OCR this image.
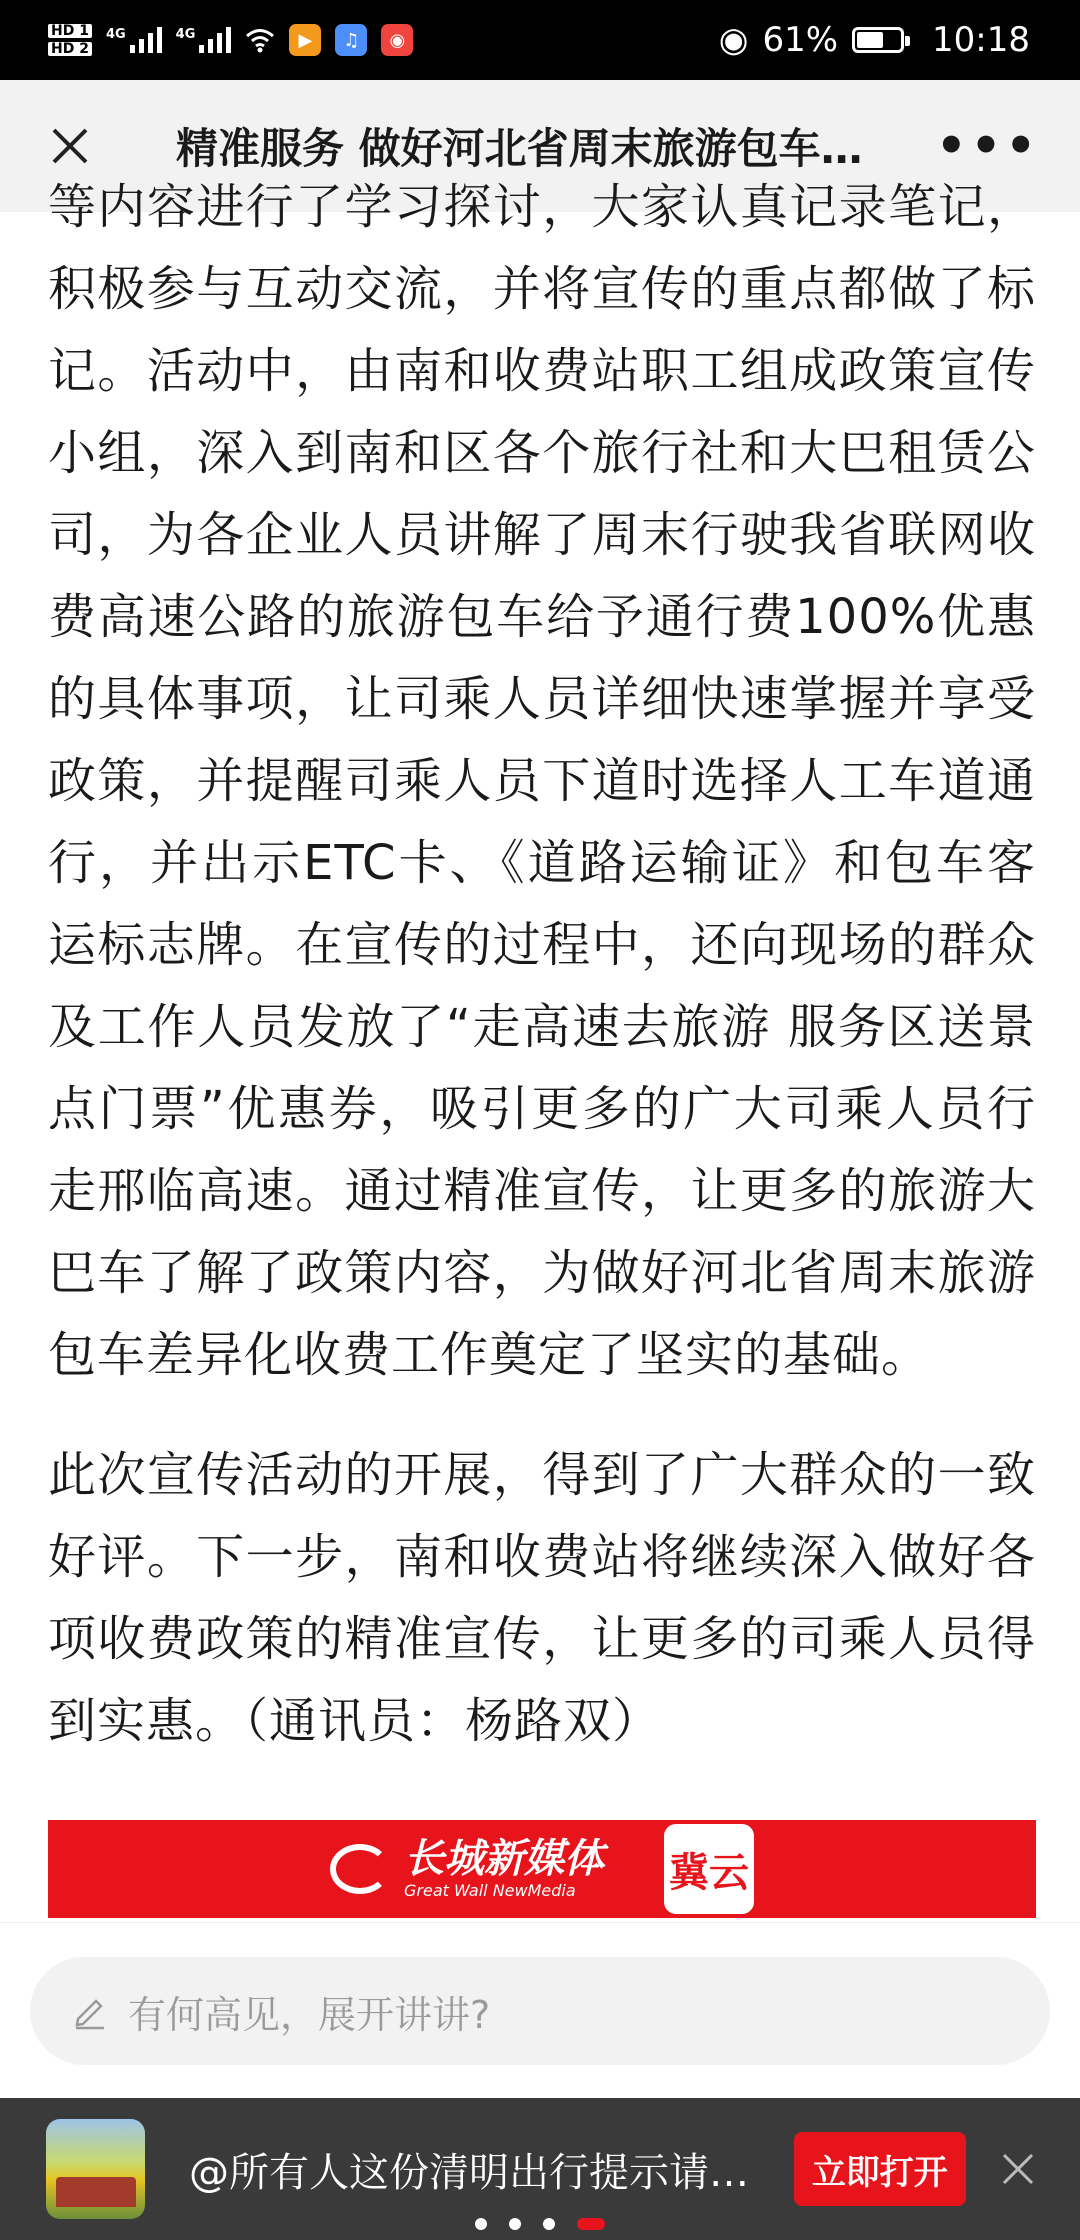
HD 1
HD 2
4G	4G	▶	♫	◉	◉ 61%	10:18
精准服务 做好河北省周末旅游包车…	•••

等内容进行了学习探讨，大家认真记录笔记，积极参与互动交流，并将宣传的重点都做了标记。活动中，由南和收费站职工组成政策宣传小组，深入到南和区各个旅行社和大巴租赁公司，为各企业人员讲解了周末行驶我省联网收费高速公路的旅游包车给予通行费100%优惠的具体事项，让司乘人员详细快速掌握并享受政策，并提醒司乘人员下道时选择人工车道通行，并出示ETC卡、《道路运输证》和包车客运标志牌。在宣传的过程中，还向现场的群众及工作人员发放了“走高速去旅游 服务区送景点门票”优惠券，吸引更多的广大司乘人员行走邢临高速。通过精准宣传，让更多的旅游大巴车了解了政策内容，为做好河北省周末旅游包车差异化收费工作奠定了坚实的基础。

此次宣传活动的开展，得到了广大群众的一致好评。下一步，南和收费站将继续深入做好各项收费政策的精准宣传，让更多的司乘人员得到实惠。（通讯员：杨路双）

长城新媒体
Great Wall NewMedia	冀云
有何高见，展开讲讲?
@所有人这份清明出行提示请…	立即打开
